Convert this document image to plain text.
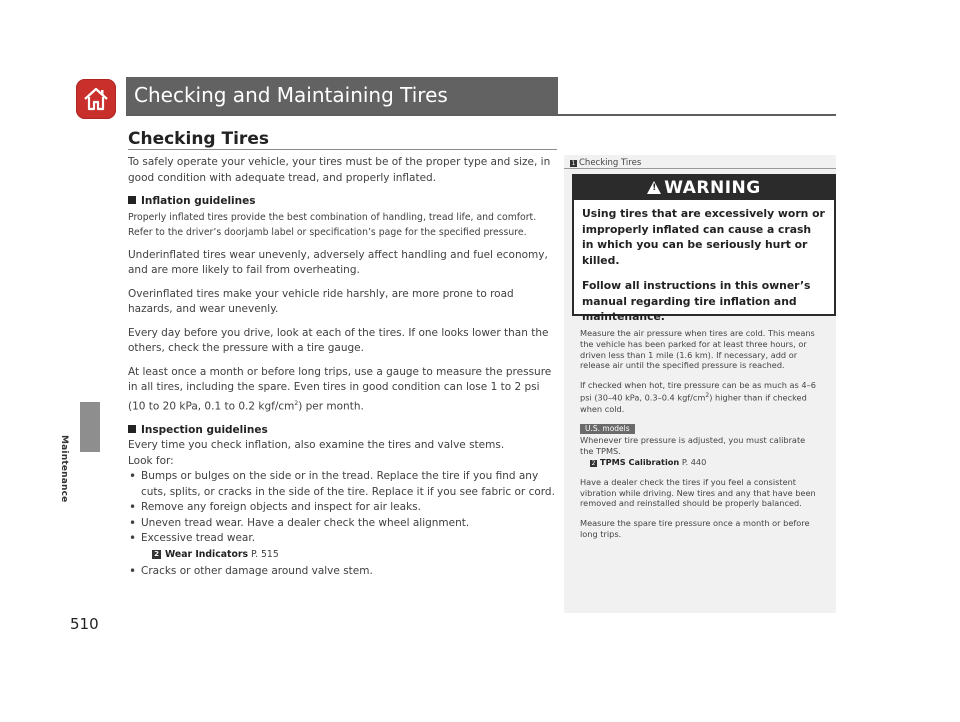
Checking and Maintaining Tires
Maintenance
510
Checking Tires

To safely operate your vehicle, your tires must be of the proper type and size, in good condition with adequate tread, and properly inflated.

Inflation guidelines

Properly inflated tires provide the best combination of handling, tread life, and comfort. Refer to the driver’s doorjamb label or specification’s page for the specified pressure.

Underinflated tires wear unevenly, adversely affect handling and fuel economy, and are more likely to fail from overheating.

Overinflated tires make your vehicle ride harshly, are more prone to road hazards, and wear unevenly.

Every day before you drive, look at each of the tires. If one looks lower than the others, check the pressure with a tire gauge.

At least once a month or before long trips, use a gauge to measure the pressure in all tires, including the spare. Even tires in good condition can lose 1 to 2 psi (10 to 20 kPa, 0.1 to 0.2 kgf/$cm^2$) per month.

Inspection guidelines

Every time you check inflation, also examine the tires and valve stems.

Look for:

• Bumps or bulges on the side or in the tread. Replace the tire if you find any cuts, splits, or cracks in the side of the tire. Replace it if you see fabric or cord.
• Remove any foreign objects and inspect for air leaks.
• Uneven tread wear. Have a dealer check the wheel alignment.
• Excessive tread wear.
2 Wear Indicators P. 515
• Cracks or other damage around valve stem.
1 Checking Tires
!WARNING

Using tires that are excessively worn or improperly inflated can cause a crash in which you can be seriously hurt or killed.

Follow all instructions in this owner’s manual regarding tire inflation and maintenance.

Measure the air pressure when tires are cold. This means the vehicle has been parked for at least three hours, or driven less than 1 mile (1.6 km). If necessary, add or release air until the specified pressure is reached.

If checked when hot, tire pressure can be as much as 4–6 psi (30–40 kPa, 0.3–0.4 kgf/$cm^2$) higher than if checked when cold.

U.S. models
Whenever tire pressure is adjusted, you must calibrate the TPMS.

2 TPMS Calibration P. 440

Have a dealer check the tires if you feel a consistent vibration while driving. New tires and any that have been removed and reinstalled should be properly balanced.

Measure the spare tire pressure once a month or before long trips.
